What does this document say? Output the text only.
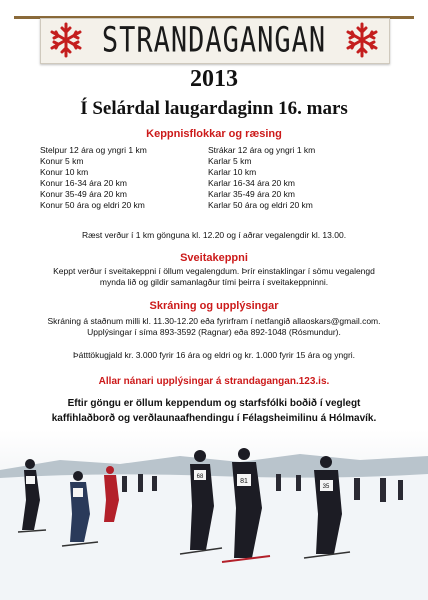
STRANDAGANGAN
2013
Í Selárdal laugardaginn 16. mars
Keppnisflokkar og ræsing
Stelpur 12 ára og yngri 1 km
Konur 5 km
Konur 10 km
Konur 16-34 ára 20 km
Konur 35-49 ára 20 km
Konur 50 ára og eldri 20 km
Strákar 12 ára og yngri 1 km
Karlar 5 km
Karlar 10 km
Karlar 16-34 ára 20 km
Karlar 35-49 ára 20 km
Karlar 50 ára og eldri 20 km
Ræst verður í 1 km gönguna kl. 12.20 og í aðrar vegalengdir kl. 13.00.
Sveitakeppni
Keppt verður í sveitakeppni í öllum vegalengdum. Þrír einstaklingar í sömu vegalengd
mynda lið og gildir samanlagður tími þeirra í sveitakeppninni.
Skráning og upplýsingar
Skráning á staðnum milli kl. 11.30-12.20 eða fyrirfram í netfangið allaoskars@gmail.com.
Upplýsingar í síma 893-3592 (Ragnar) eða 892-1048 (Rósmundur).
Þátttökugjald kr. 3.000 fyrir 16 ára og eldri og kr. 1.000 fyrir 15 ára og yngri.
Allar nánari upplýsingar á strandagangan.123.is.
Eftir göngu er öllum keppendum og starfsfólki boðið í veglegt
kaffihlaðborð og verðlaunaafhendingu í Félagsheimilinu á Hólmavík.
68
81
35
